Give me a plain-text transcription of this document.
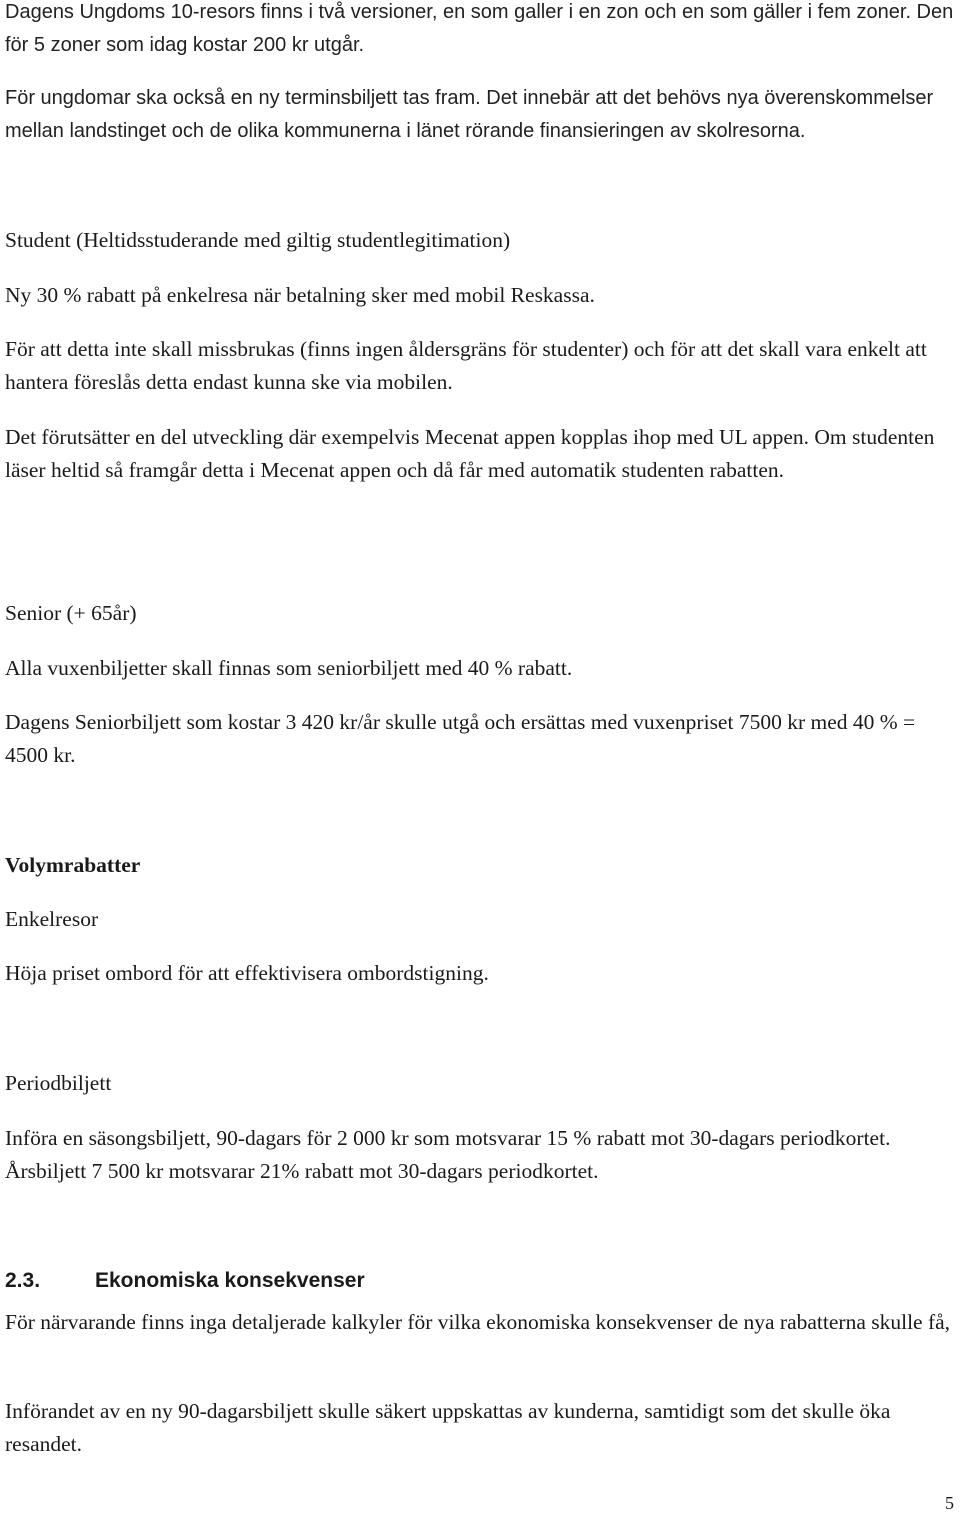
Dagens Ungdoms 10-resors finns i två versioner, en som galler i en zon och en som gäller i fem zoner. Den för 5 zoner som idag kostar 200 kr utgår.

För ungdomar ska också en ny terminsbiljett tas fram. Det innebär att det behövs nya överenskommelser mellan landstinget och de olika kommunerna i länet rörande finansieringen av skolresorna.

Student (Heltidsstuderande med giltig studentlegitimation)

Ny 30 % rabatt på enkelresa när betalning sker med mobil Reskassa.

För att detta inte skall missbrukas (finns ingen åldersgräns för studenter) och för att det skall vara enkelt att hantera föreslås detta endast kunna ske via mobilen.

Det förutsätter en del utveckling där exempelvis Mecenat appen kopplas ihop med UL appen. Om studenten läser heltid så framgår detta i Mecenat appen och då får med automatik studenten rabatten.

Senior (+ 65år)

Alla vuxenbiljetter skall finnas som seniorbiljett med 40 % rabatt.

Dagens Seniorbiljett som kostar 3 420 kr/år skulle utgå och ersättas med vuxenpriset 7500 kr med 40 % = 4500 kr.

Volymrabatter

Enkelresor

Höja priset ombord för att effektivisera ombordstigning.

Periodbiljett

Införa en säsongsbiljett, 90-dagars för 2 000 kr som motsvarar 15 % rabatt mot 30-dagars periodkortet. Årsbiljett 7 500 kr motsvarar 21% rabatt mot 30-dagars periodkortet.

2.3.	Ekonomiska konsekvenser

För närvarande finns inga detaljerade kalkyler för vilka ekonomiska konsekvenser de nya rabatterna skulle få,

Införandet av en ny 90-dagarsbiljett skulle säkert uppskattas av kunderna, samtidigt som det skulle öka resandet.

5
